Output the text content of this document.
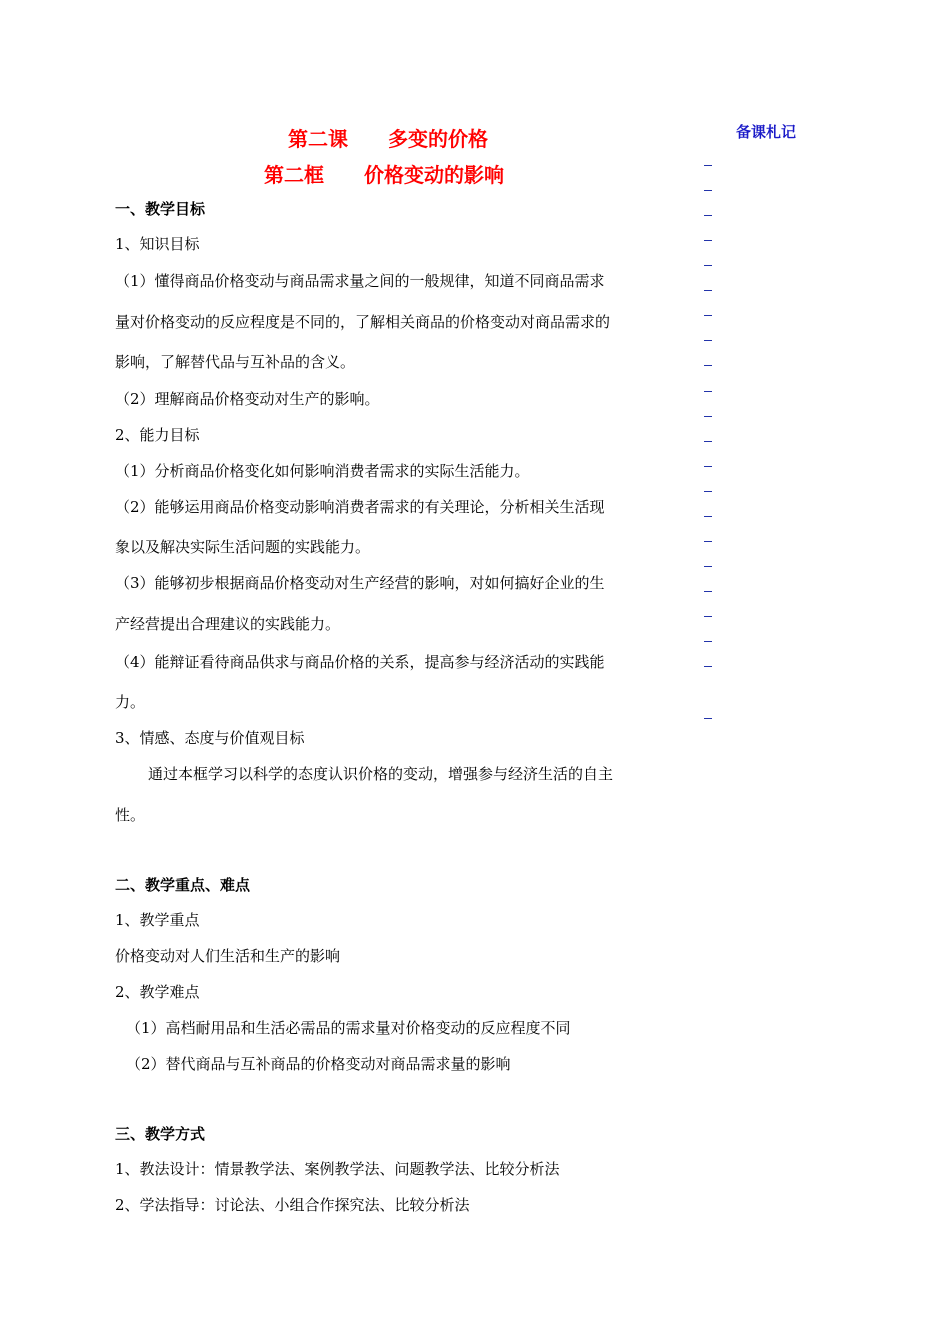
备课札记
第二课　　多变的价格
第二框　　价格变动的影响
一、教学目标
1、知识目标
（1）懂得商品价格变动与商品需求量之间的一般规律，知道不同商品需求
量对价格变动的反应程度是不同的，了解相关商品的价格变动对商品需求的
影响，了解替代品与互补品的含义。
（2）理解商品价格变动对生产的影响。
2、能力目标
（1）分析商品价格变化如何影响消费者需求的实际生活能力。
（2）能够运用商品价格变动影响消费者需求的有关理论，分析相关生活现
象以及解决实际生活问题的实践能力。
（3）能够初步根据商品价格变动对生产经营的影响，对如何搞好企业的生
产经营提出合理建议的实践能力。
（4）能辩证看待商品供求与商品价格的关系，提高参与经济活动的实践能
力。
3、情感、态度与价值观目标
通过本框学习以科学的态度认识价格的变动，增强参与经济生活的自主
性。
二、教学重点、难点
1、教学重点
价格变动对人们生活和生产的影响
2、教学难点
（1）高档耐用品和生活必需品的需求量对价格变动的反应程度不同
（2）替代商品与互补商品的价格变动对商品需求量的影响
三、教学方式
1、教法设计：情景教学法、案例教学法、问题教学法、比较分析法
2、学法指导：讨论法、小组合作探究法、比较分析法
